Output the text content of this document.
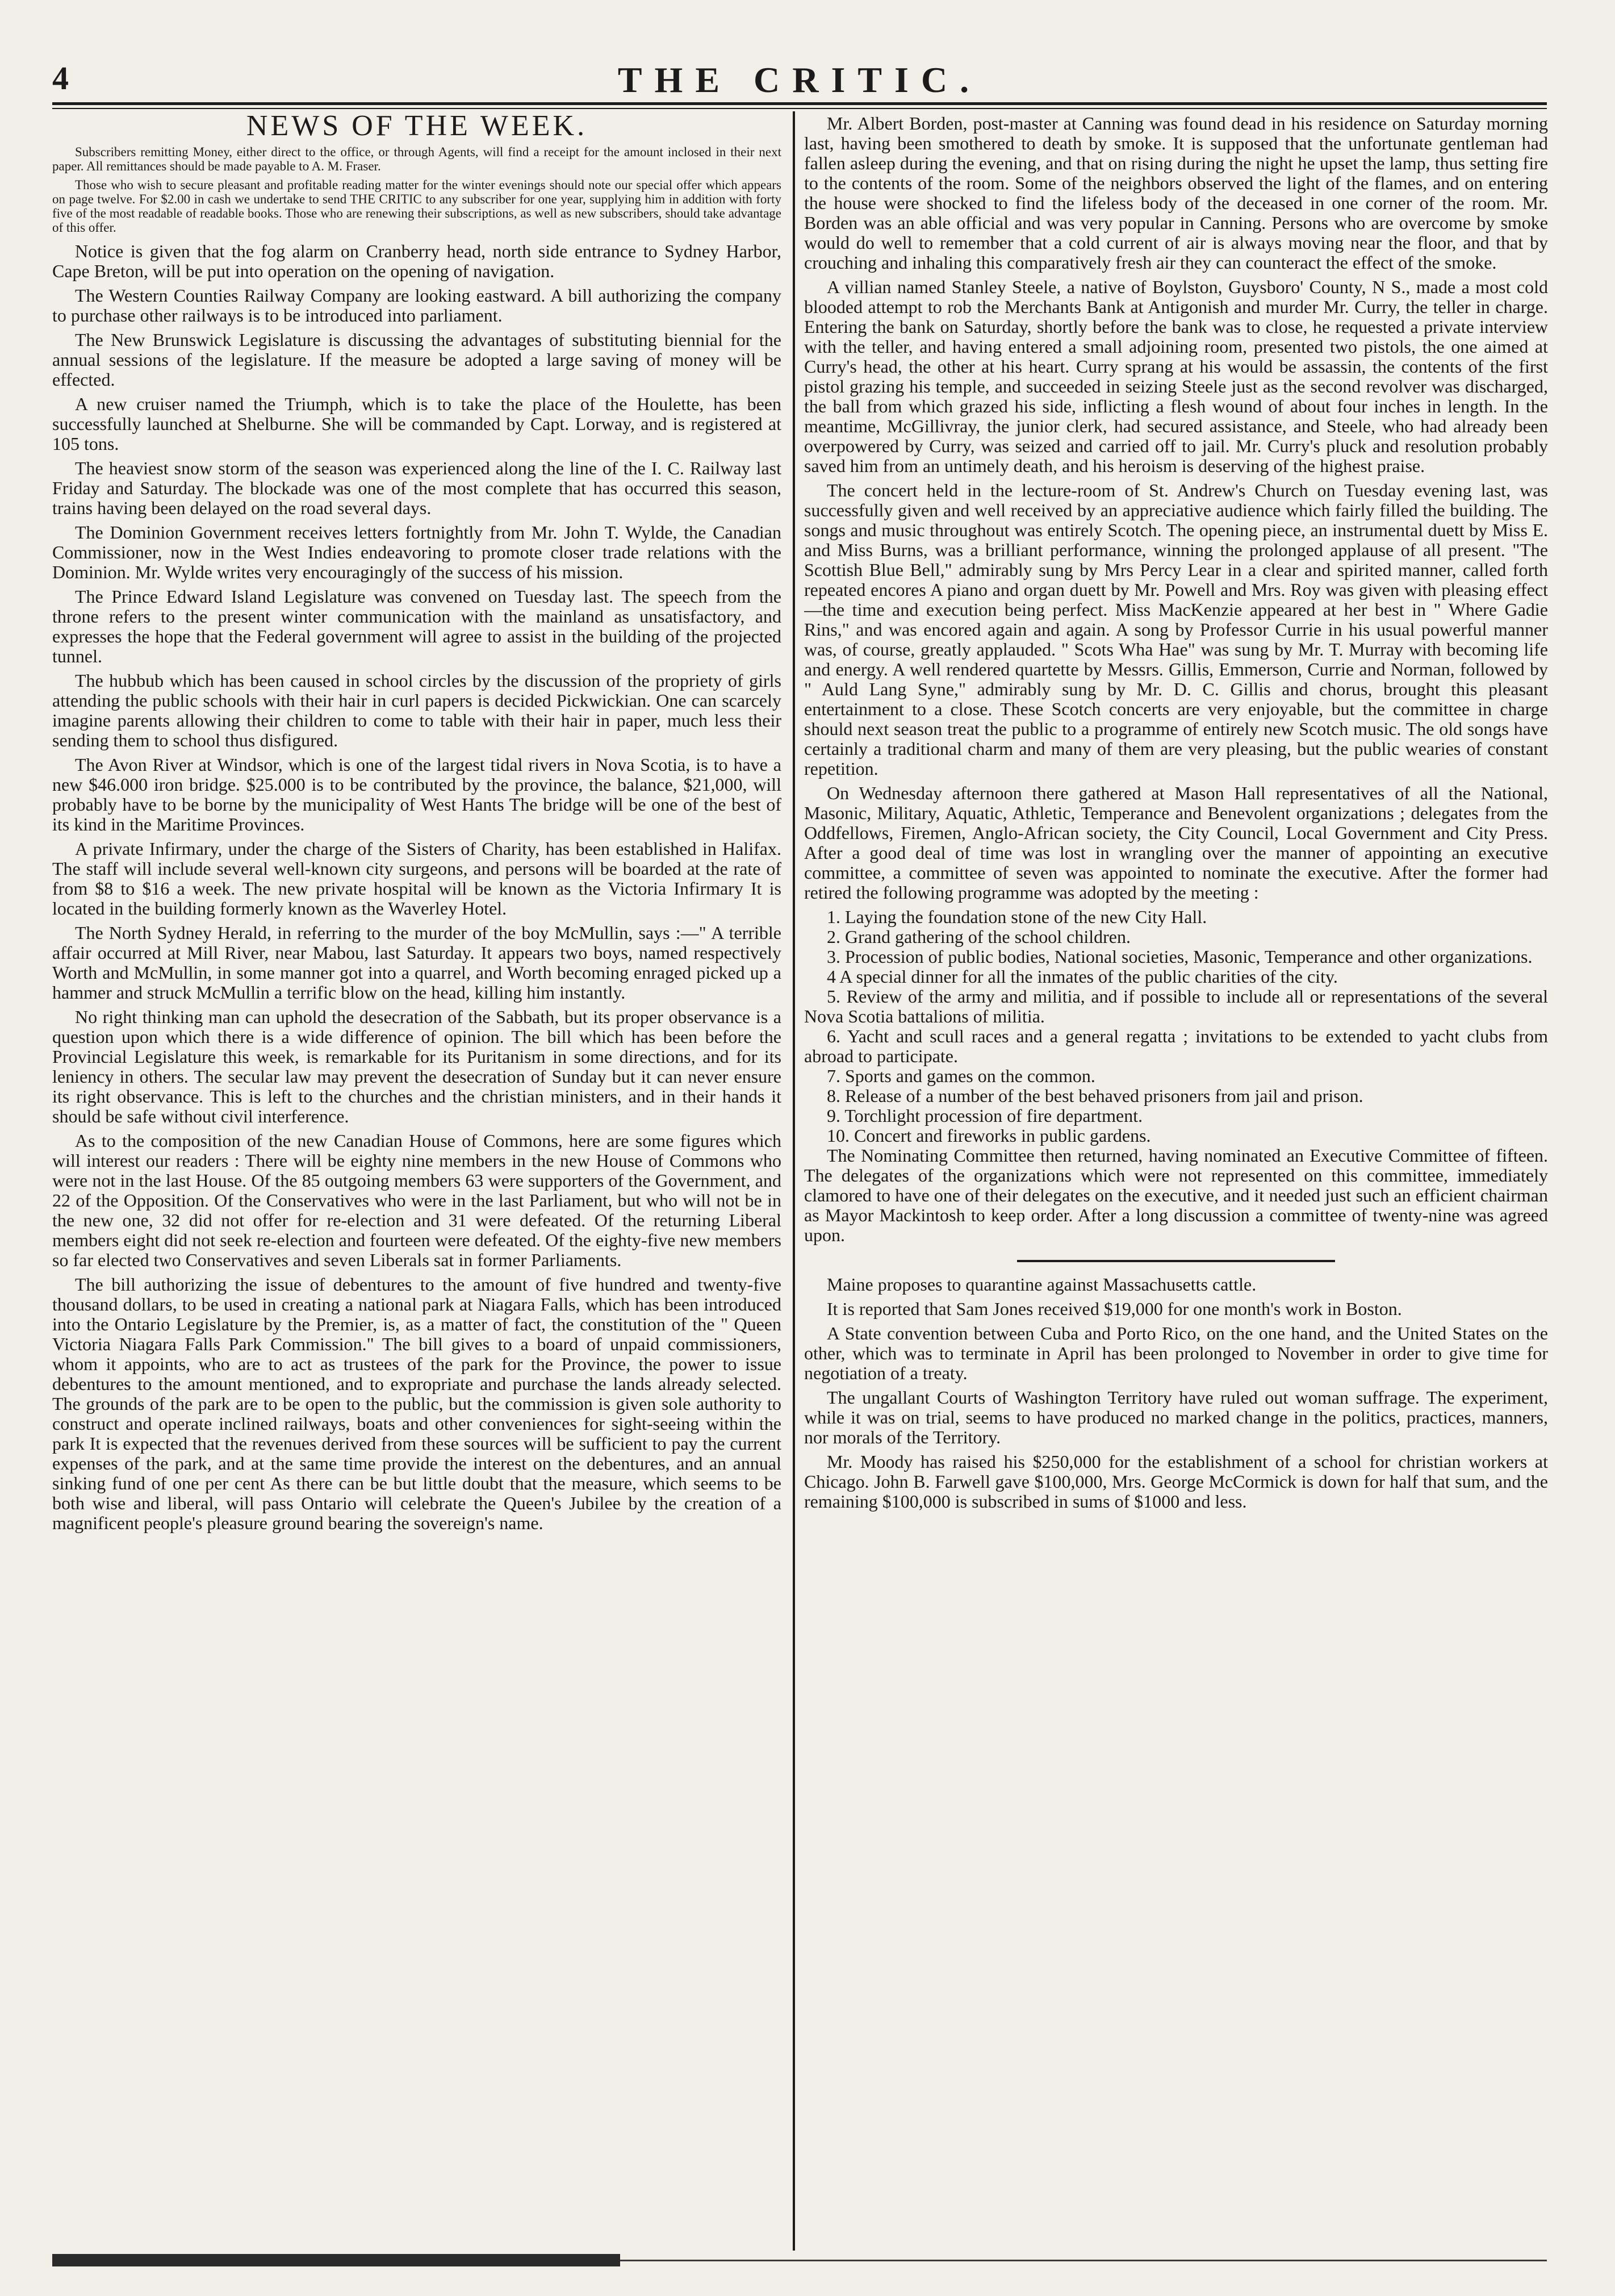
4	THE CRITIC.
NEWS OF THE WEEK.

Subscribers remitting Money, either direct to the office, or through Agents, will find a receipt for the amount inclosed in their next paper. All remittances should be made payable to A. M. Fraser.

Those who wish to secure pleasant and profitable reading matter for the winter evenings should note our special offer which appears on page twelve. For $2.00 in cash we undertake to send THE CRITIC to any subscriber for one year, supplying him in addition with forty five of the most readable of readable books. Those who are renewing their subscriptions, as well as new subscribers, should take advantage of this offer.

Notice is given that the fog alarm on Cranberry head, north side entrance to Sydney Harbor, Cape Breton, will be put into operation on the opening of navigation.

The Western Counties Railway Company are looking eastward. A bill authorizing the company to purchase other railways is to be introduced into parliament.

The New Brunswick Legislature is discussing the advantages of substituting biennial for the annual sessions of the legislature. If the measure be adopted a large saving of money will be effected.

A new cruiser named the Triumph, which is to take the place of the Houlette, has been successfully launched at Shelburne. She will be commanded by Capt. Lorway, and is registered at 105 tons.

The heaviest snow storm of the season was experienced along the line of the I. C. Railway last Friday and Saturday. The blockade was one of the most complete that has occurred this season, trains having been delayed on the road several days.

The Dominion Government receives letters fortnightly from Mr. John T. Wylde, the Canadian Commissioner, now in the West Indies endeavoring to promote closer trade relations with the Dominion. Mr. Wylde writes very encouragingly of the success of his mission.

The Prince Edward Island Legislature was convened on Tuesday last. The speech from the throne refers to the present winter communication with the mainland as unsatisfactory, and expresses the hope that the Federal government will agree to assist in the building of the projected tunnel.

The hubbub which has been caused in school circles by the discussion of the propriety of girls attending the public schools with their hair in curl papers is decided Pickwickian. One can scarcely imagine parents allowing their children to come to table with their hair in paper, much less their sending them to school thus disfigured.

The Avon River at Windsor, which is one of the largest tidal rivers in Nova Scotia, is to have a new $46.000 iron bridge. $25.000 is to be contributed by the province, the balance, $21,000, will probably have to be borne by the municipality of West Hants The bridge will be one of the best of its kind in the Maritime Provinces.

A private Infirmary, under the charge of the Sisters of Charity, has been established in Halifax. The staff will include several well-known city surgeons, and persons will be boarded at the rate of from $8 to $16 a week. The new private hospital will be known as the Victoria Infirmary It is located in the building formerly known as the Waverley Hotel.

The North Sydney Herald, in referring to the murder of the boy McMullin, says :—" A terrible affair occurred at Mill River, near Mabou, last Saturday. It appears two boys, named respectively Worth and McMullin, in some manner got into a quarrel, and Worth becoming enraged picked up a hammer and struck McMullin a terrific blow on the head, killing him instantly.

No right thinking man can uphold the desecration of the Sabbath, but its proper observance is a question upon which there is a wide difference of opinion. The bill which has been before the Provincial Legislature this week, is remarkable for its Puritanism in some directions, and for its leniency in others. The secular law may prevent the desecration of Sunday but it can never ensure its right observance. This is left to the churches and the christian ministers, and in their hands it should be safe without civil interference.

As to the composition of the new Canadian House of Commons, here are some figures which will interest our readers : There will be eighty nine members in the new House of Commons who were not in the last House. Of the 85 outgoing members 63 were supporters of the Government, and 22 of the Opposition. Of the Conservatives who were in the last Parliament, but who will not be in the new one, 32 did not offer for re-election and 31 were defeated. Of the returning Liberal members eight did not seek re-election and fourteen were defeated. Of the eighty-five new members so far elected two Conservatives and seven Liberals sat in former Parliaments.

The bill authorizing the issue of debentures to the amount of five hundred and twenty-five thousand dollars, to be used in creating a national park at Niagara Falls, which has been introduced into the Ontario Legislature by the Premier, is, as a matter of fact, the constitution of the " Queen Victoria Niagara Falls Park Commission." The bill gives to a board of unpaid commissioners, whom it appoints, who are to act as trustees of the park for the Province, the power to issue debentures to the amount mentioned, and to expropriate and purchase the lands already selected. The grounds of the park are to be open to the public, but the commission is given sole authority to construct and operate inclined railways, boats and other conveniences for sight-seeing within the park It is expected that the revenues derived from these sources will be sufficient to pay the current expenses of the park, and at the same time provide the interest on the debentures, and an annual sinking fund of one per cent As there can be but little doubt that the measure, which seems to be both wise and liberal, will pass Ontario will celebrate the Queen's Jubilee by the creation of a magnificent people's pleasure ground bearing the sovereign's name.

Mr. Albert Borden, post-master at Canning was found dead in his residence on Saturday morning last, having been smothered to death by smoke. It is supposed that the unfortunate gentleman had fallen asleep during the evening, and that on rising during the night he upset the lamp, thus setting fire to the contents of the room. Some of the neighbors observed the light of the flames, and on entering the house were shocked to find the lifeless body of the deceased in one corner of the room. Mr. Borden was an able official and was very popular in Canning. Persons who are overcome by smoke would do well to remember that a cold current of air is always moving near the floor, and that by crouching and inhaling this comparatively fresh air they can counteract the effect of the smoke.

A villian named Stanley Steele, a native of Boylston, Guysboro' County, N S., made a most cold blooded attempt to rob the Merchants Bank at Antigonish and murder Mr. Curry, the teller in charge. Entering the bank on Saturday, shortly before the bank was to close, he requested a private interview with the teller, and having entered a small adjoining room, presented two pistols, the one aimed at Curry's head, the other at his heart. Curry sprang at his would be assassin, the contents of the first pistol grazing his temple, and succeeded in seizing Steele just as the second revolver was discharged, the ball from which grazed his side, inflicting a flesh wound of about four inches in length. In the meantime, McGillivray, the junior clerk, had secured assistance, and Steele, who had already been overpowered by Curry, was seized and carried off to jail. Mr. Curry's pluck and resolution probably saved him from an untimely death, and his heroism is deserving of the highest praise.

The concert held in the lecture-room of St. Andrew's Church on Tuesday evening last, was successfully given and well received by an appreciative audience which fairly filled the building. The songs and music throughout was entirely Scotch. The opening piece, an instrumental duett by Miss E. and Miss Burns, was a brilliant performance, winning the prolonged applause of all present. "The Scottish Blue Bell," admirably sung by Mrs Percy Lear in a clear and spirited manner, called forth repeated encores A piano and organ duett by Mr. Powell and Mrs. Roy was given with pleasing effect—the time and execution being perfect. Miss MacKenzie appeared at her best in " Where Gadie Rins," and was encored again and again. A song by Professor Currie in his usual powerful manner was, of course, greatly applauded. " Scots Wha Hae" was sung by Mr. T. Murray with becoming life and energy. A well rendered quartette by Messrs. Gillis, Emmerson, Currie and Norman, followed by " Auld Lang Syne," admirably sung by Mr. D. C. Gillis and chorus, brought this pleasant entertainment to a close. These Scotch concerts are very enjoyable, but the committee in charge should next season treat the public to a programme of entirely new Scotch music. The old songs have certainly a traditional charm and many of them are very pleasing, but the public wearies of constant repetition.

On Wednesday afternoon there gathered at Mason Hall representatives of all the National, Masonic, Military, Aquatic, Athletic, Temperance and Benevolent organizations ; delegates from the Oddfellows, Firemen, Anglo-African society, the City Council, Local Government and City Press. After a good deal of time was lost in wrangling over the manner of appointing an executive committee, a committee of seven was appointed to nominate the executive. After the former had retired the following programme was adopted by the meeting :

1. Laying the foundation stone of the new City Hall.

2. Grand gathering of the school children.

3. Procession of public bodies, National societies, Masonic, Temperance and other organizations.

4 A special dinner for all the inmates of the public charities of the city.

5. Review of the army and militia, and if possible to include all or representations of the several Nova Scotia battalions of militia.

6. Yacht and scull races and a general regatta ; invitations to be extended to yacht clubs from abroad to participate.

7. Sports and games on the common.

8. Release of a number of the best behaved prisoners from jail and prison.

9. Torchlight procession of fire department.

10. Concert and fireworks in public gardens.

The Nominating Committee then returned, having nominated an Executive Committee of fifteen. The delegates of the organizations which were not represented on this committee, immediately clamored to have one of their delegates on the executive, and it needed just such an efficient chairman as Mayor Mackintosh to keep order. After a long discussion a committee of twenty-nine was agreed upon.

Maine proposes to quarantine against Massachusetts cattle.

It is reported that Sam Jones received $19,000 for one month's work in Boston.

A State convention between Cuba and Porto Rico, on the one hand, and the United States on the other, which was to terminate in April has been prolonged to November in order to give time for negotiation of a treaty.

The ungallant Courts of Washington Territory have ruled out woman suffrage. The experiment, while it was on trial, seems to have produced no marked change in the politics, practices, manners, nor morals of the Territory.

Mr. Moody has raised his $250,000 for the establishment of a school for christian workers at Chicago. John B. Farwell gave $100,000, Mrs. George McCormick is down for half that sum, and the remaining $100,000 is subscribed in sums of $1000 and less.
